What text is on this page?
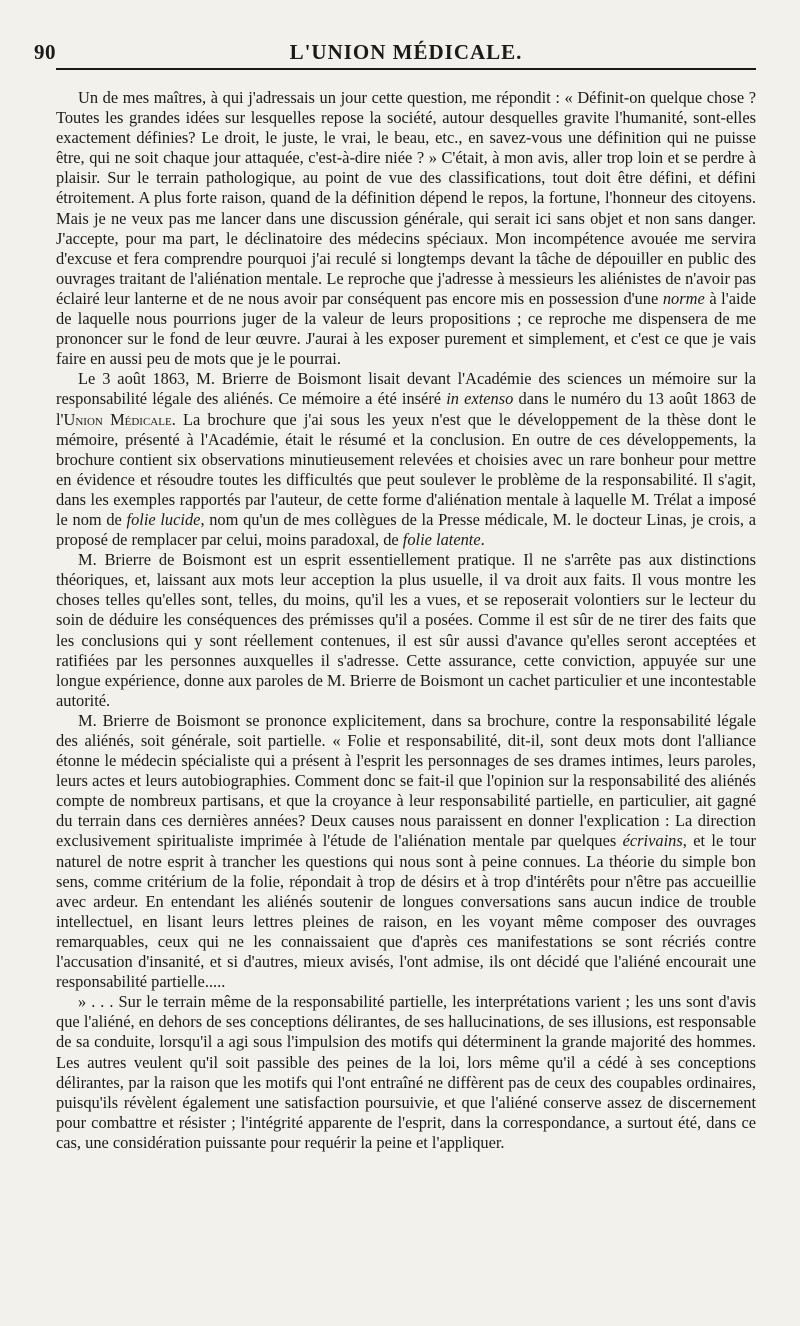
90	L'UNION MÉDICALE.

Un de mes maîtres, à qui j'adressais un jour cette question, me répondit : « Définit-on quelque chose ? Toutes les grandes idées sur lesquelles repose la société, autour desquelles gravite l'humanité, sont-elles exactement définies? Le droit, le juste, le vrai, le beau, etc., en savez-vous une définition qui ne puisse être, qui ne soit chaque jour attaquée, c'est-à-dire niée ? » C'était, à mon avis, aller trop loin et se perdre à plaisir. Sur le terrain pathologique, au point de vue des classifications, tout doit être défini, et défini étroitement. A plus forte raison, quand de la définition dépend le repos, la fortune, l'honneur des citoyens. Mais je ne veux pas me lancer dans une discussion générale, qui serait ici sans objet et non sans danger. J'accepte, pour ma part, le déclinatoire des médecins spéciaux. Mon incompétence avouée me servira d'excuse et fera comprendre pourquoi j'ai reculé si longtemps devant la tâche de dépouiller en public des ouvrages traitant de l'aliénation mentale. Le reproche que j'adresse à messieurs les aliénistes de n'avoir pas éclairé leur lanterne et de ne nous avoir par conséquent pas encore mis en possession d'une norme à l'aide de laquelle nous pourrions juger de la valeur de leurs propositions ; ce reproche me dispensera de me prononcer sur le fond de leur œuvre. J'aurai à les exposer purement et simplement, et c'est ce que je vais faire en aussi peu de mots que je le pourrai.

Le 3 août 1863, M. Brierre de Boismont lisait devant l'Académie des sciences un mémoire sur la responsabilité légale des aliénés. Ce mémoire a été inséré in extenso dans le numéro du 13 août 1863 de l'Union Médicale. La brochure que j'ai sous les yeux n'est que le développement de la thèse dont le mémoire, présenté à l'Académie, était le résumé et la conclusion. En outre de ces développements, la brochure contient six observations minutieusement relevées et choisies avec un rare bonheur pour mettre en évidence et résoudre toutes les difficultés que peut soulever le problème de la responsabilité. Il s'agit, dans les exemples rapportés par l'auteur, de cette forme d'aliénation mentale à laquelle M. Trélat a imposé le nom de folie lucide, nom qu'un de mes collègues de la Presse médicale, M. le docteur Linas, je crois, a proposé de remplacer par celui, moins paradoxal, de folie latente.

M. Brierre de Boismont est un esprit essentiellement pratique. Il ne s'arrête pas aux distinctions théoriques, et, laissant aux mots leur acception la plus usuelle, il va droit aux faits. Il vous montre les choses telles qu'elles sont, telles, du moins, qu'il les a vues, et se reposerait volontiers sur le lecteur du soin de déduire les conséquences des prémisses qu'il a posées. Comme il est sûr de ne tirer des faits que les conclusions qui y sont réellement contenues, il est sûr aussi d'avance qu'elles seront acceptées et ratifiées par les personnes auxquelles il s'adresse. Cette assurance, cette conviction, appuyée sur une longue expérience, donne aux paroles de M. Brierre de Boismont un cachet particulier et une incontestable autorité.

M. Brierre de Boismont se prononce explicitement, dans sa brochure, contre la responsabilité légale des aliénés, soit générale, soit partielle. « Folie et responsabilité, dit-il, sont deux mots dont l'alliance étonne le médecin spécialiste qui a présent à l'esprit les personnages de ses drames intimes, leurs paroles, leurs actes et leurs autobiographies. Comment donc se fait-il que l'opinion sur la responsabilité des aliénés compte de nombreux partisans, et que la croyance à leur responsabilité partielle, en particulier, ait gagné du terrain dans ces dernières années? Deux causes nous paraissent en donner l'explication : La direction exclusivement spiritualiste imprimée à l'étude de l'aliénation mentale par quelques écrivains, et le tour naturel de notre esprit à trancher les questions qui nous sont à peine connues. La théorie du simple bon sens, comme critérium de la folie, répondait à trop de désirs et à trop d'intérêts pour n'être pas accueillie avec ardeur. En entendant les aliénés soutenir de longues conversations sans aucun indice de trouble intellectuel, en lisant leurs lettres pleines de raison, en les voyant même composer des ouvrages remarquables, ceux qui ne les connaissaient que d'après ces manifestations se sont récriés contre l'accusation d'insanité, et si d'autres, mieux avisés, l'ont admise, ils ont décidé que l'aliéné encourait une responsabilité partielle.....

» . . . Sur le terrain même de la responsabilité partielle, les interprétations varient ; les uns sont d'avis que l'aliéné, en dehors de ses conceptions délirantes, de ses hallucinations, de ses illusions, est responsable de sa conduite, lorsqu'il a agi sous l'impulsion des motifs qui déterminent la grande majorité des hommes. Les autres veulent qu'il soit passible des peines de la loi, lors même qu'il a cédé à ses conceptions délirantes, par la raison que les motifs qui l'ont entraîné ne diffèrent pas de ceux des coupables ordinaires, puisqu'ils révèlent également une satisfaction poursuivie, et que l'aliéné conserve assez de discernement pour combattre et résister ; l'intégrité apparente de l'esprit, dans la correspondance, a surtout été, dans ce cas, une considération puissante pour requérir la peine et l'appliquer.
